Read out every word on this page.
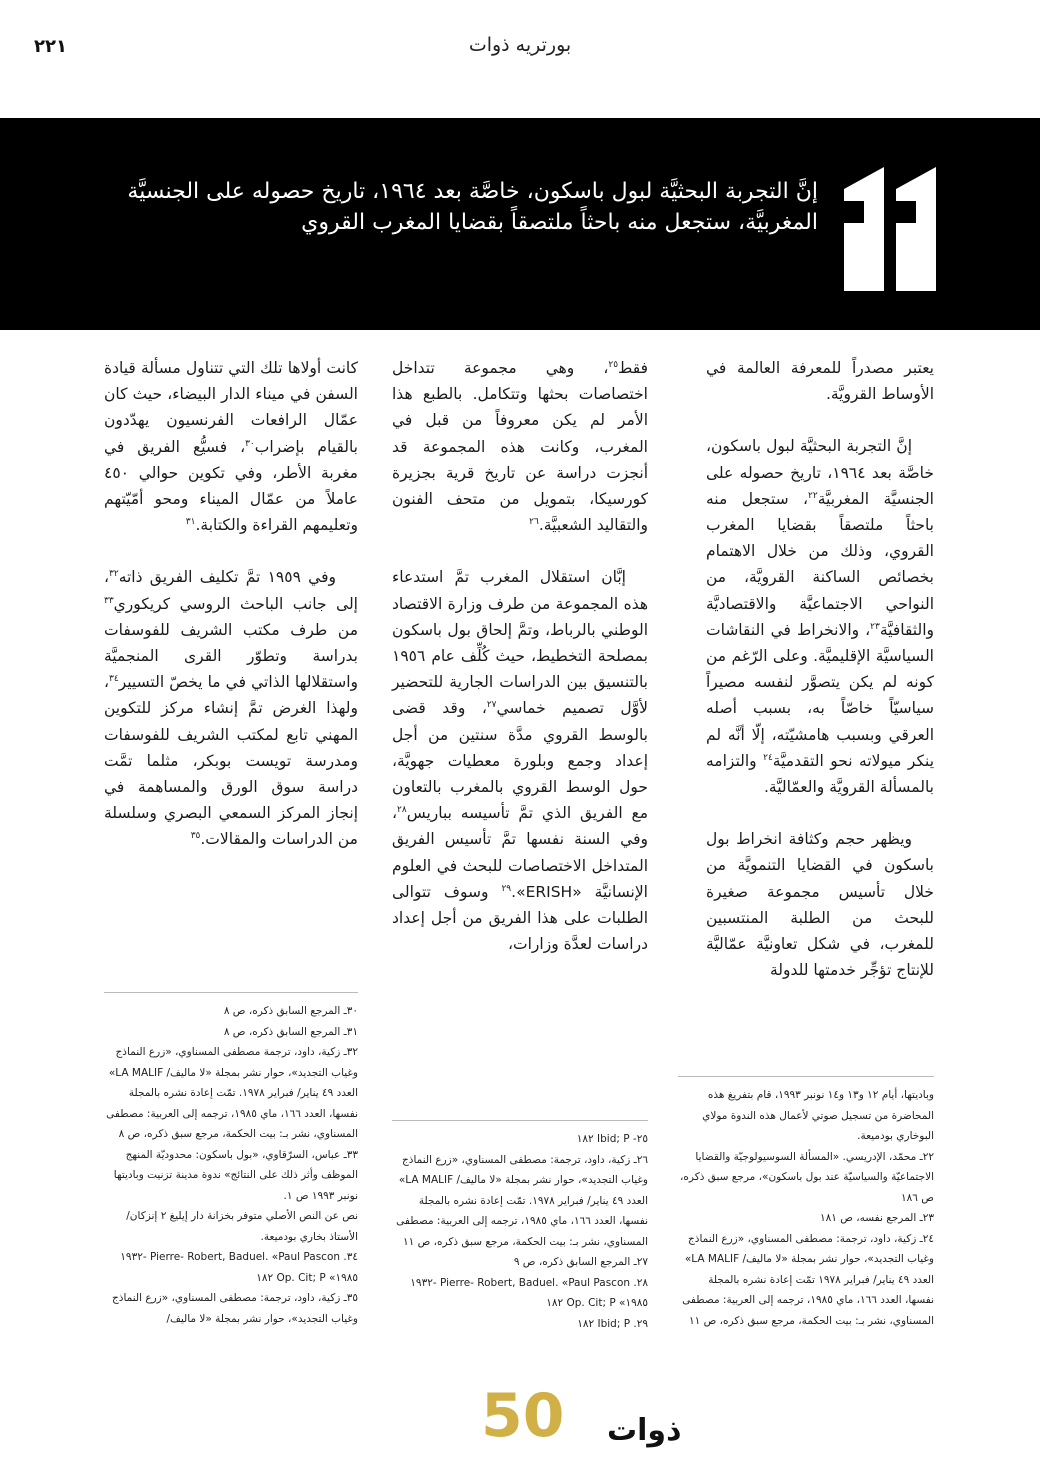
٢٢١	بورتريه ذوات
إنَّ التجربة البحثيَّة لبول باسكون، خاصَّة بعد ١٩٦٤، تاريخ حصوله على الجنسيَّة المغربيَّة، ستجعل منه باحثاً ملتصقاً بقضايا المغرب القروي

يعتبر مصدراً للمعرفة العالمة في الأوساط القرويَّة.

إنَّ التجربة البحثيَّة لبول باسكون، خاصَّة بعد ١٩٦٤، تاريخ حصوله على الجنسيَّة المغربيَّة$^{٢٢}$، ستجعل منه باحثاً ملتصقاً بقضايا المغرب القروي، وذلك من خلال الاهتمام بخصائص الساكنة القرويَّة، من النواحي الاجتماعيَّة والاقتصاديَّة والثقافيَّة$^{٢٣}$، والانخراط في النقاشات السياسيَّة الإقليميَّة. وعلى الرّغم من كونه لم يكن يتصوَّر لنفسه مصيراً سياسيّاً خاصّاً به، بسبب أصله العرقي وبسبب هامشيّته، إلّا أنَّه لم ينكر ميولاته نحو التقدميَّة$^{٢٤}$ والتزامه بالمسألة القرويَّة والعمّاليَّة.

ويظهر حجم وكثافة انخراط بول باسكون في القضايا التنمويَّة من خلال تأسيس مجموعة صغيرة للبحث من الطلبة المنتسبين للمغرب، في شكل تعاونيَّة عمّاليَّة للإنتاج تؤجِّر خدمتها للدولة

فقط$^{٢٥}$، وهي مجموعة تتداخل اختصاصات بحثها وتتكامل. بالطبع هذا الأمر لم يكن معروفاً من قبل في المغرب، وكانت هذه المجموعة قد أنجزت دراسة عن تاريخ قرية بجزيرة كورسيكا، بتمويل من متحف الفنون والتقاليد الشعبيَّة.$^{٢٦}$

إبَّان استقلال المغرب تمَّ استدعاء هذه المجموعة من طرف وزارة الاقتصاد الوطني بالرباط، وتمَّ إلحاق بول باسكون بمصلحة التخطيط، حيث كُلِّف عام ١٩٥٦ بالتنسيق بين الدراسات الجارية للتحضير لأوَّل تصميم خماسي$^{٢٧}$، وقد قضى بالوسط القروي مدَّة سنتين من أجل إعداد وجمع وبلورة معطيات جهويَّة، حول الوسط القروي بالمغرب بالتعاون مع الفريق الذي تمَّ تأسيسه بباريس$^{٢٨}$، وفي السنة نفسها تمَّ تأسيس الفريق المتداخل الاختصاصات للبحث في العلوم الإنسانيَّة «ERISH».$^{٢٩}$ وسوف تتوالى الطلبات على هذا الفريق من أجل إعداد دراسات لعدَّة وزارات،

كانت أولاها تلك التي تتناول مسألة قيادة السفن في ميناء الدار البيضاء، حيث كان عمّال الرافعات الفرنسيون يهدّدون بالقيام بإضراب$^{٣٠}$، فسيُّع الفريق في مغربة الأطر، وفي تكوين حوالي ٤٥٠ عاملاً من عمّال الميناء ومحو أمّيّتهم وتعليمهم القراءة والكتابة.$^{٣١}$

وفي ١٩٥٩ تمَّ تكليف الفريق ذاته$^{٣٢}$، إلى جانب الباحث الروسي كريكوري$^{٣٣}$ من طرف مكتب الشريف للفوسفات بدراسة وتطوّر القرى المنجميَّة واستقلالها الذاتي في ما يخصّ التسيير$^{٣٤}$، ولهذا الغرض تمَّ إنشاء مركز للتكوين المهني تابع لمكتب الشريف للفوسفات ومدرسة تويست بوبكر، مثلما تمَّت دراسة سوق الورق والمساهمة في إنجاز المركز السمعي البصري وسلسلة من الدراسات والمقالات.$^{٣٥}$

وباديتها، أيام ١٢ و١٣ و١٤ نونبر ١٩٩٣، قام بتفريغ هذه المحاضرة من تسجيل صوتي لأعمال هذه الندوة مولاي البوخاري بودميعة.
٢٢ـ محمّد، الإدريسي. «المسألة السوسيولوجيّة والقضايا الاجتماعيّة والسياسيّة عند بول باسكون»، مرجع سبق ذكره، ص ١٨٦
٢٣ـ المرجع نفسه، ص ١٨١
٢٤ـ زكية، داود، ترجمة: مصطفى المسناوي، «زرع النماذج وغياب التجديد»، حوار نشر بمجلة «لا ماليف/ LA MALIF» العدد ٤٩ يناير/ فبراير ١٩٧٨ تمّت إعادة نشره بالمجلة نفسها، العدد ١٦٦، ماي ١٩٨٥، ترجمه إلى العربية: مصطفى المسناوي، نشر بـ: بيت الحكمة، مرجع سبق ذكره، ص ١١
٢٥- Ibid; P ١٨٢
٢٦ـ زكية، داود، ترجمة: مصطفى المسناوي، «زرع النماذج وغياب التجديد»، حوار نشر بمجلة «لا ماليف/ LA MALIF» العدد ٤٩ يناير/ فبراير ١٩٧٨. تمّت إعادة نشره بالمجلة نفسها، العدد ١٦٦، ماي ١٩٨٥، ترجمه إلى العربية: مصطفى المسناوي، نشر بـ: بيت الحكمة، مرجع سبق ذكره، ص ١١
٢٧ـ المرجع السابق ذكره، ص ٩
٢٨. Pierre- Robert, Baduel. «Paul Pascon -١٩٣٢ ١٩٨٥» Op. Cit; P ١٨٢
٢٩. Ibid; P ١٨٢
٣٠ـ المرجع السابق ذكره، ص ٨
٣١ـ المرجع السابق ذكره، ص ٨
٣٢ـ زكية، داود، ترجمة مصطفى المسناوي، «زرع النماذج وغياب التجديد»، حوار نشر بمجلة «لا ماليف/ LA MALIF» العدد ٤٩ يناير/ فبراير ١٩٧٨. تمّت إعادة نشره بالمجلة نفسها، العدد ١٦٦، ماي ١٩٨٥، ترجمه إلى العربية: مصطفى المسناوي، نشر بـ: بيت الحكمة، مرجع سبق ذكره، ص ٨
٣٣ـ عباس، السرّقاوي، «بول باسكون: محدوديّة المنهج الموظف وأثر ذلك على النتائج» ندوة مدينة تزنيت وباديتها نونبر ١٩٩٣ ص ١.
نص عن النص الأصلي متوفر بخزانة دار إيليغ ٢ إنزكان/ الأستاذ بخاري بودميعة.
٣٤. Pierre- Robert, Baduel. «Paul Pascon -١٩٣٢ ١٩٨٥» Op. Cit; P ١٨٢
٣٥ـ زكية، داود، ترجمة: مصطفى المسناوي، «زرع النماذج وغياب التجديد»، حوار نشر بمجلة «لا ماليف/
50 ذوات
